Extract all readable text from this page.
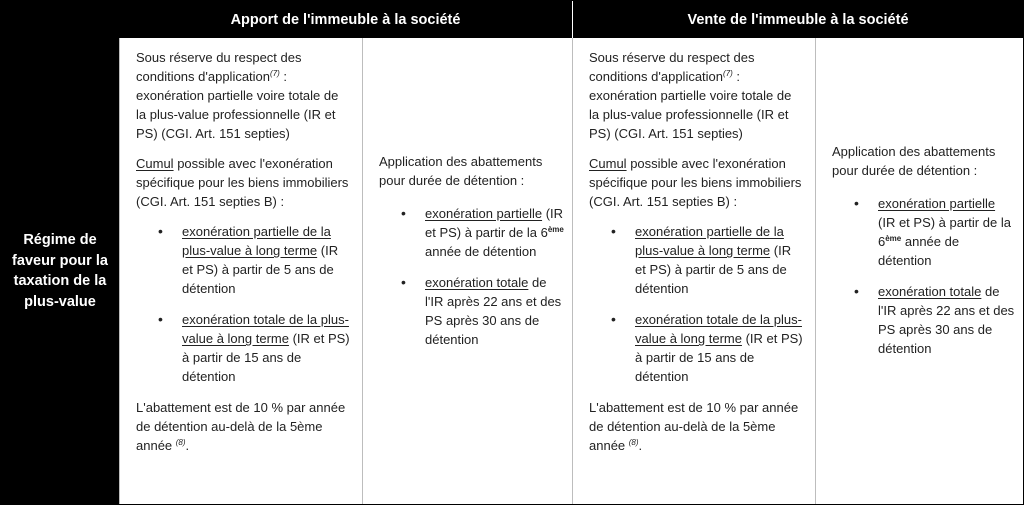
Apport de l'immeuble à la société	Vente de l'immeuble à la société
Régime de faveur pour la taxation de la plus-value

Sous réserve du respect des conditions d'application$^{(7)}$ : exonération partielle voire totale de la plus-value professionnelle (IR et PS) (CGI. Art. 151 septies)

Cumul possible avec l'exonération spécifique pour les biens immobiliers (CGI. Art. 151 septies B) :

• exonération partielle de la plus-value à long terme (IR et PS) à partir de 5 ans de détention
• exonération totale de la plus-value à long terme (IR et PS) à partir de 15 ans de détention

L'abattement est de 10 % par année de détention au-delà de la 5ème année $^{(8)}$.

Application des abattements pour durée de détention :

• exonération partielle (IR et PS) à partir de la 6ème année de détention
• exonération totale de l'IR après 22 ans et des PS après 30 ans de détention

Sous réserve du respect des conditions d'application$^{(7)}$ : exonération partielle voire totale de la plus-value professionnelle (IR et PS) (CGI. Art. 151 septies)

Cumul possible avec l'exonération spécifique pour les biens immobiliers (CGI. Art. 151 septies B) :

• exonération partielle de la plus-value à long terme (IR et PS) à partir de 5 ans de détention
• exonération totale de la plus-value à long terme (IR et PS) à partir de 15 ans de détention

L'abattement est de 10 % par année de détention au-delà de la 5ème année $^{(8)}$.

Application des abattements pour durée de détention :

• exonération partielle (IR et PS) à partir de la 6ème année de détention
• exonération totale de l'IR après 22 ans et des PS après 30 ans de détention
